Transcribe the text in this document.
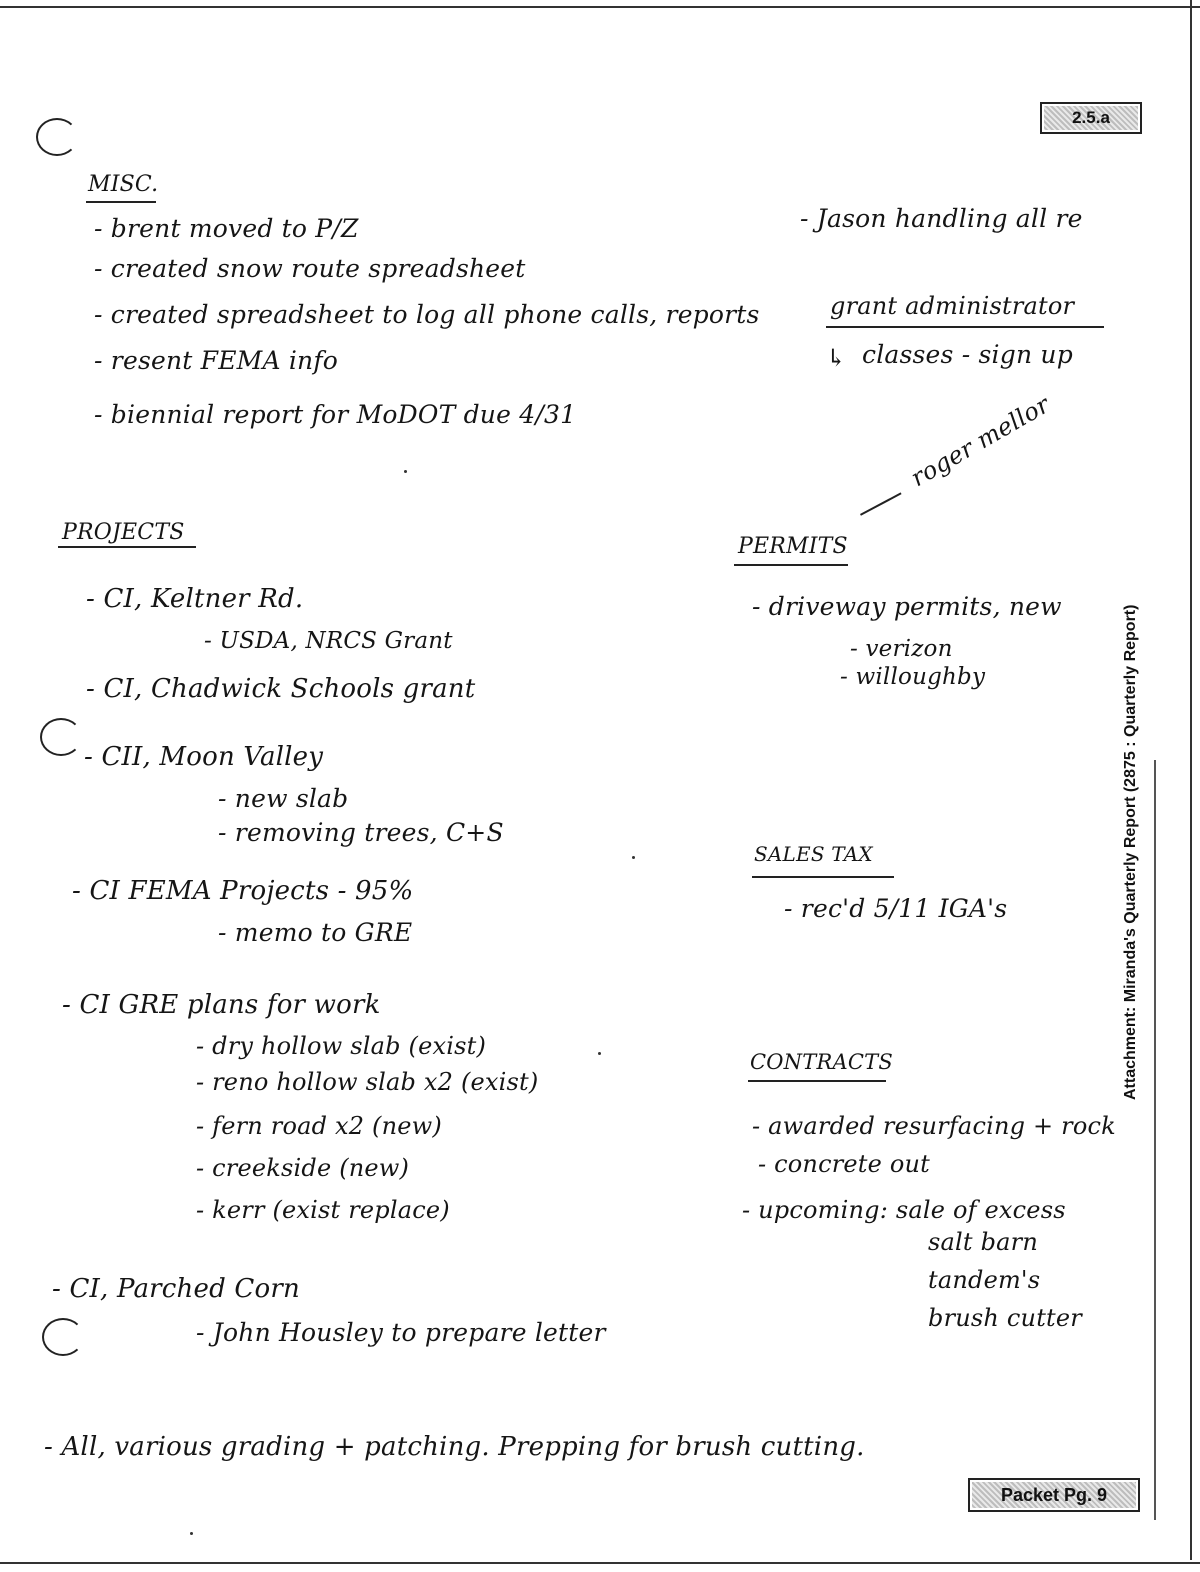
2.5.a
Packet Pg. 9
Attachment: Miranda's Quarterly Report (2875 : Quarterly Report)
MISC.
- brent moved to P/Z
- created snow route spreadsheet
- created spreadsheet to log all phone calls, reports
- resent FEMA info
- biennial report for MoDOT due 4/31
- Jason handling all re
grant administrator
↳ classes - sign up
roger mellor
PROJECTS
- CI, Keltner Rd.
- USDA, NRCS Grant
- CI, Chadwick Schools grant
- CII, Moon Valley
- new slab
- removing trees, C+S
- CI FEMA Projects - 95%
- memo to GRE
- CI GRE plans for work
- dry hollow slab (exist)
- reno hollow slab x2 (exist)
- fern road x2 (new)
- creekside (new)
- kerr (exist replace)
- CI, Parched Corn
- John Housley to prepare letter
PERMITS
- driveway permits, new
- verizon
- willoughby
SALES TAX
- rec'd 5/11 IGA's
CONTRACTS
- awarded resurfacing + rock
- concrete out
- upcoming: sale of excess
salt barn
tandem's
brush cutter
- All, various grading + patching. Prepping for brush cutting.
